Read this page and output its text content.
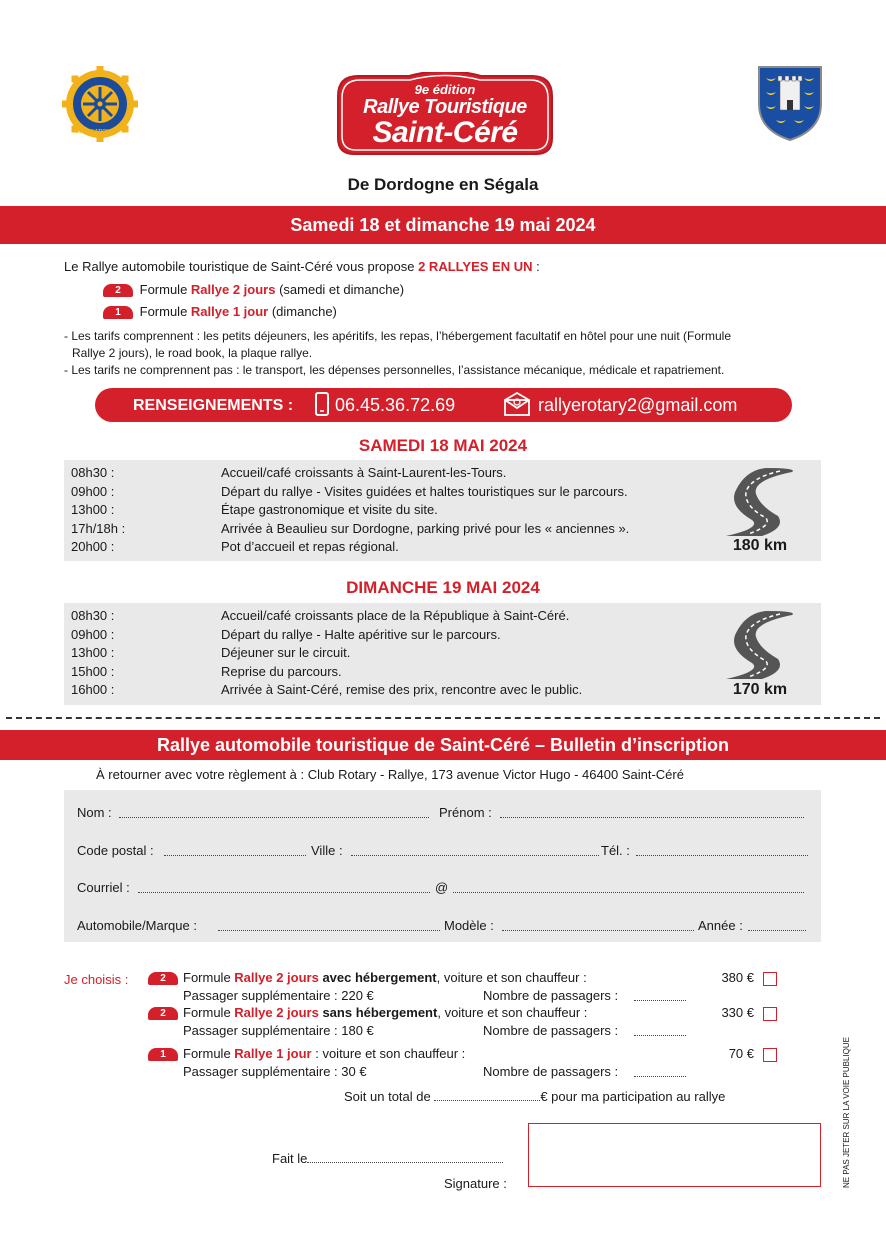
ROTARY
INTERNATIONAL
9e édition
Rallye Touristique
Saint-Céré
De Dordogne en Ségala
Samedi 18 et dimanche 19 mai 2024
Le Rallye automobile touristique de Saint-Céré vous propose 2 RALLYES EN UN :
2 Formule Rallye 2 jours (samedi et dimanche)
1 Formule Rallye 1 jour (dimanche)
- Les tarifs comprennent : les petits déjeuners, les apéritifs, les repas, l’hébergement facultatif en hôtel pour une nuit (Formule
Rallye 2 jours), le road book, la plaque rallye.
- Les tarifs ne comprennent pas : le transport, les dépenses personnelles, l’assistance mécanique, médicale et rapatriement.
RENSEIGNEMENTS : 06.45.36.72.69	rallyerotary2@gmail.com
SAMEDI 18 MAI 2024
08h30 :	Accueil/café croissants à Saint-Laurent-les-Tours.
09h00 :	Départ du rallye - Visites guidées et haltes touristiques sur le parcours.
13h00 :	Étape gastronomique et visite du site.
17h/18h :	Arrivée à Beaulieu sur Dordogne, parking privé pour les « anciennes ».
20h00 :	Pot d’accueil et repas régional.	180 km
DIMANCHE 19 MAI 2024
08h30 :	Accueil/café croissants place de la République à Saint-Céré.
09h00 :	Départ du rallye - Halte apéritive sur le parcours.
13h00 :	Déjeuner sur le circuit.
15h00 :	Reprise du parcours.
16h00 :	Arrivée à Saint-Céré, remise des prix, rencontre avec le public.	170 km
Rallye automobile touristique de Saint-Céré – Bulletin d’inscription
À retourner avec votre règlement à : Club Rotary - Rallye, 173 avenue Victor Hugo - 46400 Saint-Céré
Nom :	Prénom :
Code postal :	Ville :	Tél. :
Courriel :	@
Automobile/Marque :	Modèle :	Année :
Je choisis :	2 Formule Rallye 2 jours avec hébergement, voiture et son chauffeur :	380 €
Passager supplémentaire : 220 €	Nombre de passagers :
2 Formule Rallye 2 jours sans hébergement, voiture et son chauffeur :	330 €
Passager supplémentaire : 180 €	Nombre de passagers :
1 Formule Rallye 1 jour : voiture et son chauffeur :	70 €
Passager supplémentaire : 30 €	Nombre de passagers :
Soit un total de	€ pour ma participation au rallye
Fait le
Signature :	NE PAS JETER SUR LA VOIE PUBLIQUE
